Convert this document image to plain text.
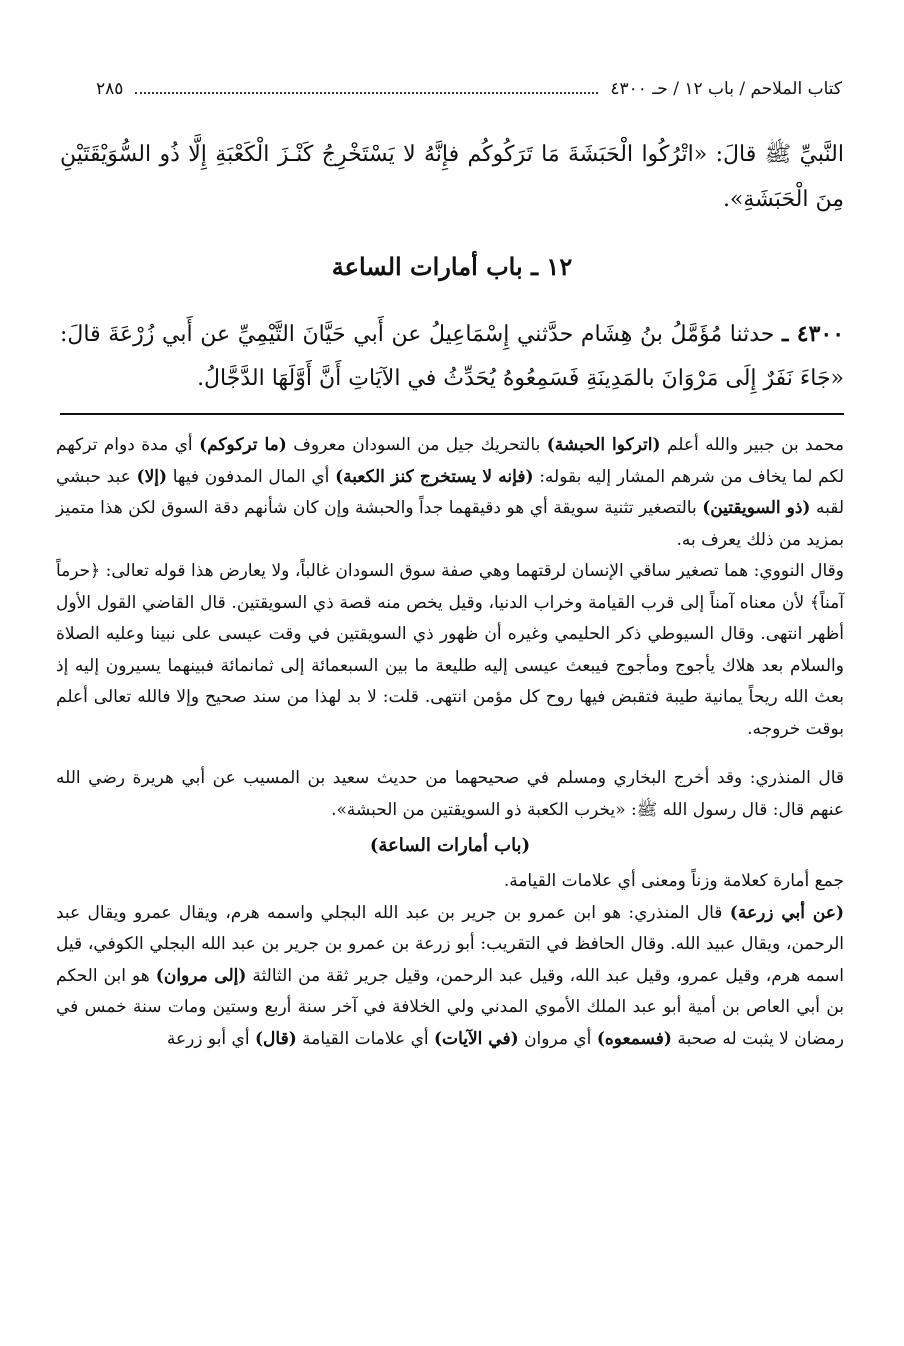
كتاب الملاحم / باب ١٢ / حـ ٤٣٠٠
٢٨٥
النَّبيِّ ﷺ قالَ: «اتْرُكُوا الْحَبَشَةَ مَا تَرَكُوكُم فإِنَّهُ لا يَسْتَخْرِجُ كَنْـزَ الْكَعْبَةِ إِلَّا ذُو السُّوَيْقَتَيْنِ مِنَ الْحَبَشَةِ».
١٢ ـ باب أمارات الساعة
٤٣٠٠ ـ حدثنا مُؤَمَّلُ بنُ هِشَام حدَّثني إِسْمَاعِيلُ عن أَبي حَيَّانَ التَّيْمِيِّ عن أَبي زُرْعَةَ قالَ: «جَاءَ نَفَرٌ إِلَى مَرْوَانَ بالمَدِينَةِ فَسَمِعُوهُ يُحَدِّثُ في الآيَاتِ أَنَّ أَوَّلَهَا الدَّجَّالُ.

محمد بن جبير والله أعلم (اتركوا الحبشة) بالتحريك جيل من السودان معروف (ما تركوكم) أي مدة دوام تركهم لكم لما يخاف من شرهم المشار إليه بقوله: (فإنه لا يستخرج كنز الكعبة) أي المال المدفون فيها (إلا) عبد حبشي لقبه (ذو السويقتين) بالتصغير تثنية سويقة أي هو دقيقهما جداً والحبشة وإن كان شأنهم دقة السوق لكن هذا متميز بمزيد من ذلك يعرف به.

وقال النووي: هما تصغير ساقي الإنسان لرقتهما وهي صفة سوق السودان غالباً، ولا يعارض هذا قوله تعالى: ﴿حرماً آمناً﴾ لأن معناه آمناً إلى قرب القيامة وخراب الدنيا، وقيل يخص منه قصة ذي السويقتين. قال القاضي القول الأول أظهر انتهى. وقال السيوطي ذكر الحليمي وغيره أن ظهور ذي السويقتين في وقت عيسى على نبينا وعليه الصلاة والسلام بعد هلاك يأجوج ومأجوج فيبعث عيسى إليه طليعة ما بين السبعمائة إلى ثمانمائة فبينهما يسيرون إليه إذ بعث الله ريحاً يمانية طيبة فتقبض فيها روح كل مؤمن انتهى. قلت: لا بد لهذا من سند صحيح وإلا فالله تعالى أعلم بوقت خروجه.

قال المنذري: وقد أخرج البخاري ومسلم في صحيحهما من حديث سعيد بن المسيب عن أبي هريرة رضي الله عنهم قال: قال رسول الله ﷺ: «يخرب الكعبة ذو السويقتين من الحبشة».

(باب أمارات الساعة)

جمع أمارة كعلامة وزناً ومعنى أي علامات القيامة.

(عن أبي زرعة) قال المنذري: هو ابن عمرو بن جرير بن عبد الله البجلي واسمه هرم، ويقال عمرو ويقال عبد الرحمن، ويقال عبيد الله. وقال الحافظ في التقريب: أبو زرعة بن عمرو بن جرير بن عبد الله البجلي الكوفي، قيل اسمه هرم، وقيل عمرو، وقيل عبد الله، وقيل عبد الرحمن، وقيل جرير ثقة من الثالثة (إلى مروان) هو ابن الحكم بن أبي العاص بن أمية أبو عبد الملك الأموي المدني ولي الخلافة في آخر سنة أربع وستين ومات سنة خمس في رمضان لا يثبت له صحبة (فسمعوه) أي مروان (في الآيات) أي علامات القيامة (قال) أي أبو زرعة
